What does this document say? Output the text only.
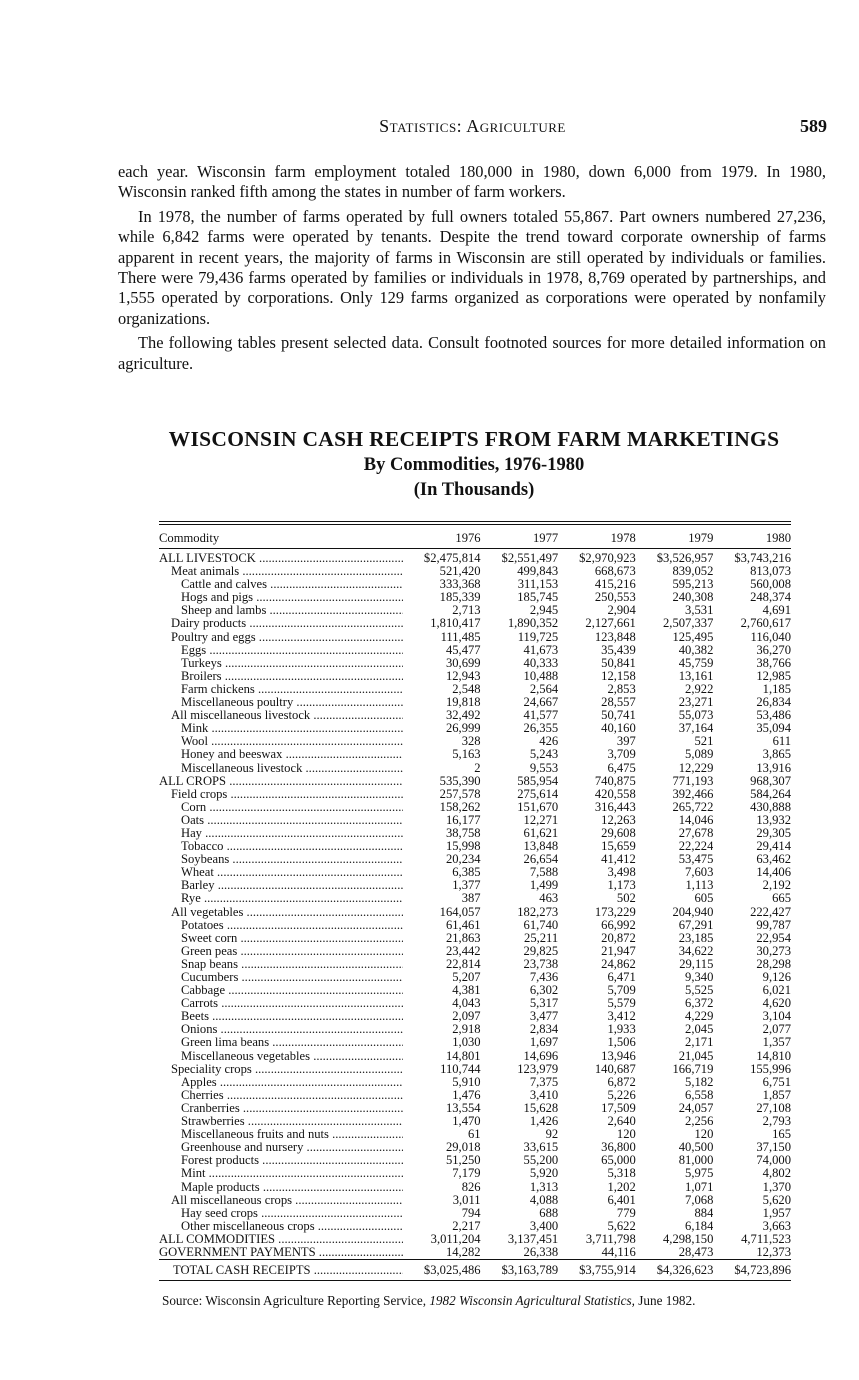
Statistics: Agriculture	589

each year. Wisconsin farm employment totaled 180,000 in 1980, down 6,000 from 1979. In 1980, Wisconsin ranked fifth among the states in number of farm workers.

In 1978, the number of farms operated by full owners totaled 55,867. Part owners numbered 27,236, while 6,842 farms were operated by tenants. Despite the trend toward corporate ownership of farms apparent in recent years, the majority of farms in Wisconsin are still operated by individuals or families. There were 79,436 farms operated by families or individuals in 1978, 8,769 operated by partnerships, and 1,555 operated by corporations. Only 129 farms organized as corporations were operated by nonfamily organizations.

The following tables present selected data. Consult footnoted sources for more detailed information on agriculture.

WISCONSIN CASH RECEIPTS FROM FARM MARKETINGS
By Commodities, 1976-1980
(In Thousands)
Commodity	1976	1977	1978	1979	1980
ALL LIVESTOCK .....	$2,475,814	$2,551,497	$2,970,923	$3,526,957	$3,743,216
Meat animals .....	521,420	499,843	668,673	839,052	813,073
Cattle and calves .....	333,368	311,153	415,216	595,213	560,008
Hogs and pigs .....	185,339	185,745	250,553	240,308	248,374
Sheep and lambs .....	2,713	2,945	2,904	3,531	4,691
Dairy products .....	1,810,417	1,890,352	2,127,661	2,507,337	2,760,617
Poultry and eggs .....	111,485	119,725	123,848	125,495	116,040
Eggs .....	45,477	41,673	35,439	40,382	36,270
Turkeys .....	30,699	40,333	50,841	45,759	38,766
Broilers .....	12,943	10,488	12,158	13,161	12,985
Farm chickens .....	2,548	2,564	2,853	2,922	1,185
Miscellaneous poultry .....	19,818	24,667	28,557	23,271	26,834
All miscellaneous livestock .....	32,492	41,577	50,741	55,073	53,486
Mink .....	26,999	26,355	40,160	37,164	35,094
Wool .....	328	426	397	521	611
Honey and beeswax .....	5,163	5,243	3,709	5,089	3,865
Miscellaneous livestock .....	2	9,553	6,475	12,229	13,916
ALL CROPS .....	535,390	585,954	740,875	771,193	968,307
Field crops .....	257,578	275,614	420,558	392,466	584,264
Corn .....	158,262	151,670	316,443	265,722	430,888
Oats .....	16,177	12,271	12,263	14,046	13,932
Hay .....	38,758	61,621	29,608	27,678	29,305
Tobacco .....	15,998	13,848	15,659	22,224	29,414
Soybeans .....	20,234	26,654	41,412	53,475	63,462
Wheat .....	6,385	7,588	3,498	7,603	14,406
Barley .....	1,377	1,499	1,173	1,113	2,192
Rye .....	387	463	502	605	665
All vegetables .....	164,057	182,273	173,229	204,940	222,427
Potatoes .....	61,461	61,740	66,992	67,291	99,787
Sweet corn .....	21,863	25,211	20,872	23,185	22,954
Green peas .....	23,442	29,825	21,947	34,622	30,273
Snap beans .....	22,814	23,738	24,862	29,115	28,298
Cucumbers .....	5,207	7,436	6,471	9,340	9,126
Cabbage .....	4,381	6,302	5,709	5,525	6,021
Carrots .....	4,043	5,317	5,579	6,372	4,620
Beets .....	2,097	3,477	3,412	4,229	3,104
Onions .....	2,918	2,834	1,933	2,045	2,077
Green lima beans .....	1,030	1,697	1,506	2,171	1,357
Miscellaneous vegetables .....	14,801	14,696	13,946	21,045	14,810
Speciality crops .....	110,744	123,979	140,687	166,719	155,996
Apples .....	5,910	7,375	6,872	5,182	6,751
Cherries .....	1,476	3,410	5,226	6,558	1,857
Cranberries .....	13,554	15,628	17,509	24,057	27,108
Strawberries .....	1,470	1,426	2,640	2,256	2,793
Miscellaneous fruits and nuts .....	61	92	120	120	165
Greenhouse and nursery .....	29,018	33,615	36,800	40,500	37,150
Forest products .....	51,250	55,200	65,000	81,000	74,000
Mint .....	7,179	5,920	5,318	5,975	4,802
Maple products .....	826	1,313	1,202	1,071	1,370
All miscellaneous crops .....	3,011	4,088	6,401	7,068	5,620
Hay seed crops .....	794	688	779	884	1,957
Other miscellaneous crops .....	2,217	3,400	5,622	6,184	3,663
ALL COMMODITIES .....	3,011,204	3,137,451	3,711,798	4,298,150	4,711,523
GOVERNMENT PAYMENTS .....	14,282	26,338	44,116	28,473	12,373
TOTAL CASH RECEIPTS .....	$3,025,486	$3,163,789	$3,755,914	$4,326,623	$4,723,896
Source: Wisconsin Agriculture Reporting Service, 1982 Wisconsin Agricultural Statistics, June 1982.
